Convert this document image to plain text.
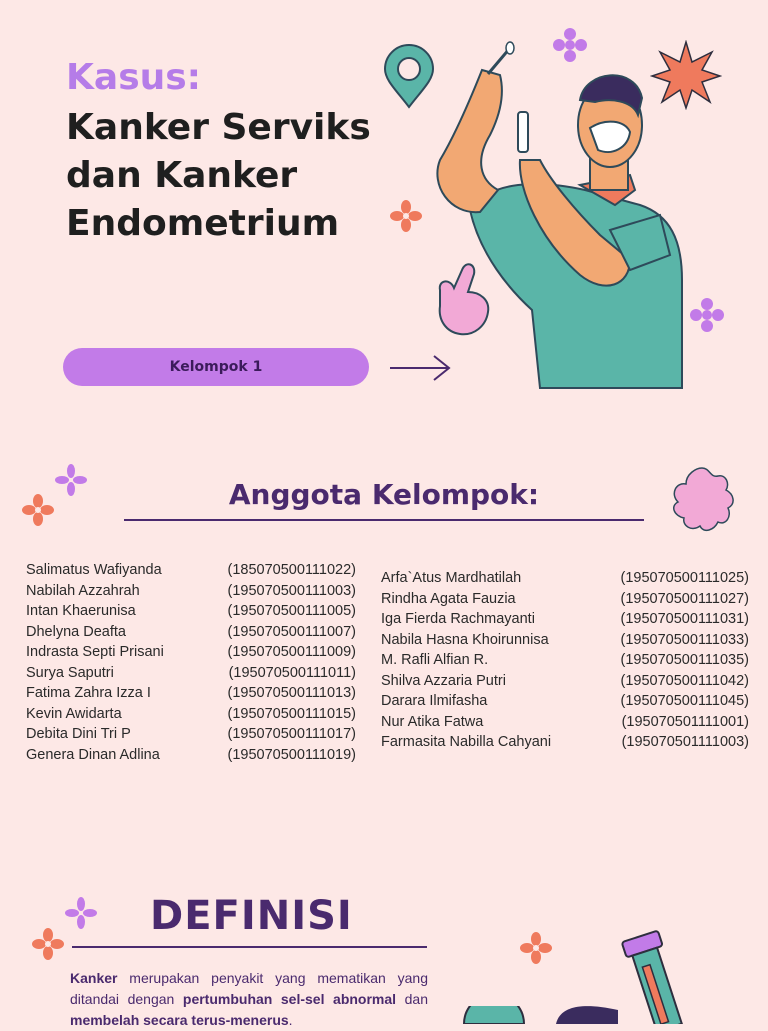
Kasus:
Kanker Serviks dan Kanker Endometrium
Kelompok 1
Anggota Kelompok:
Salimatus Wafiyanda	(185070500111022)
Nabilah Azzahrah	(195070500111003)
Intan Khaerunisa	(195070500111005)
Dhelyna Deafta	(195070500111007)
Indrasta Septi Prisani	(195070500111009)
Surya Saputri	(195070500111011)
Fatima Zahra Izza I	(195070500111013)
Kevin Awidarta	(195070500111015)
Debita Dini Tri P	(195070500111017)
Genera Dinan Adlina	(195070500111019)
Arfa`Atus Mardhatilah	(195070500111025)
Rindha Agata Fauzia	(195070500111027)
Iga Fierda Rachmayanti	(195070500111031)
Nabila Hasna Khoirunnisa	(195070500111033)
M. Rafli Alfian R.	(195070500111035)
Shilva Azzaria Putri	(195070500111042)
Darara Ilmifasha	(195070500111045)
Nur Atika Fatwa	(195070501111001)
Farmasita Nabilla Cahyani	(195070501111003)
DEFINISI
Kanker merupakan penyakit yang mematikan yang ditandai dengan pertumbuhan sel-sel abnormal dan membelah secara terus-menerus.
